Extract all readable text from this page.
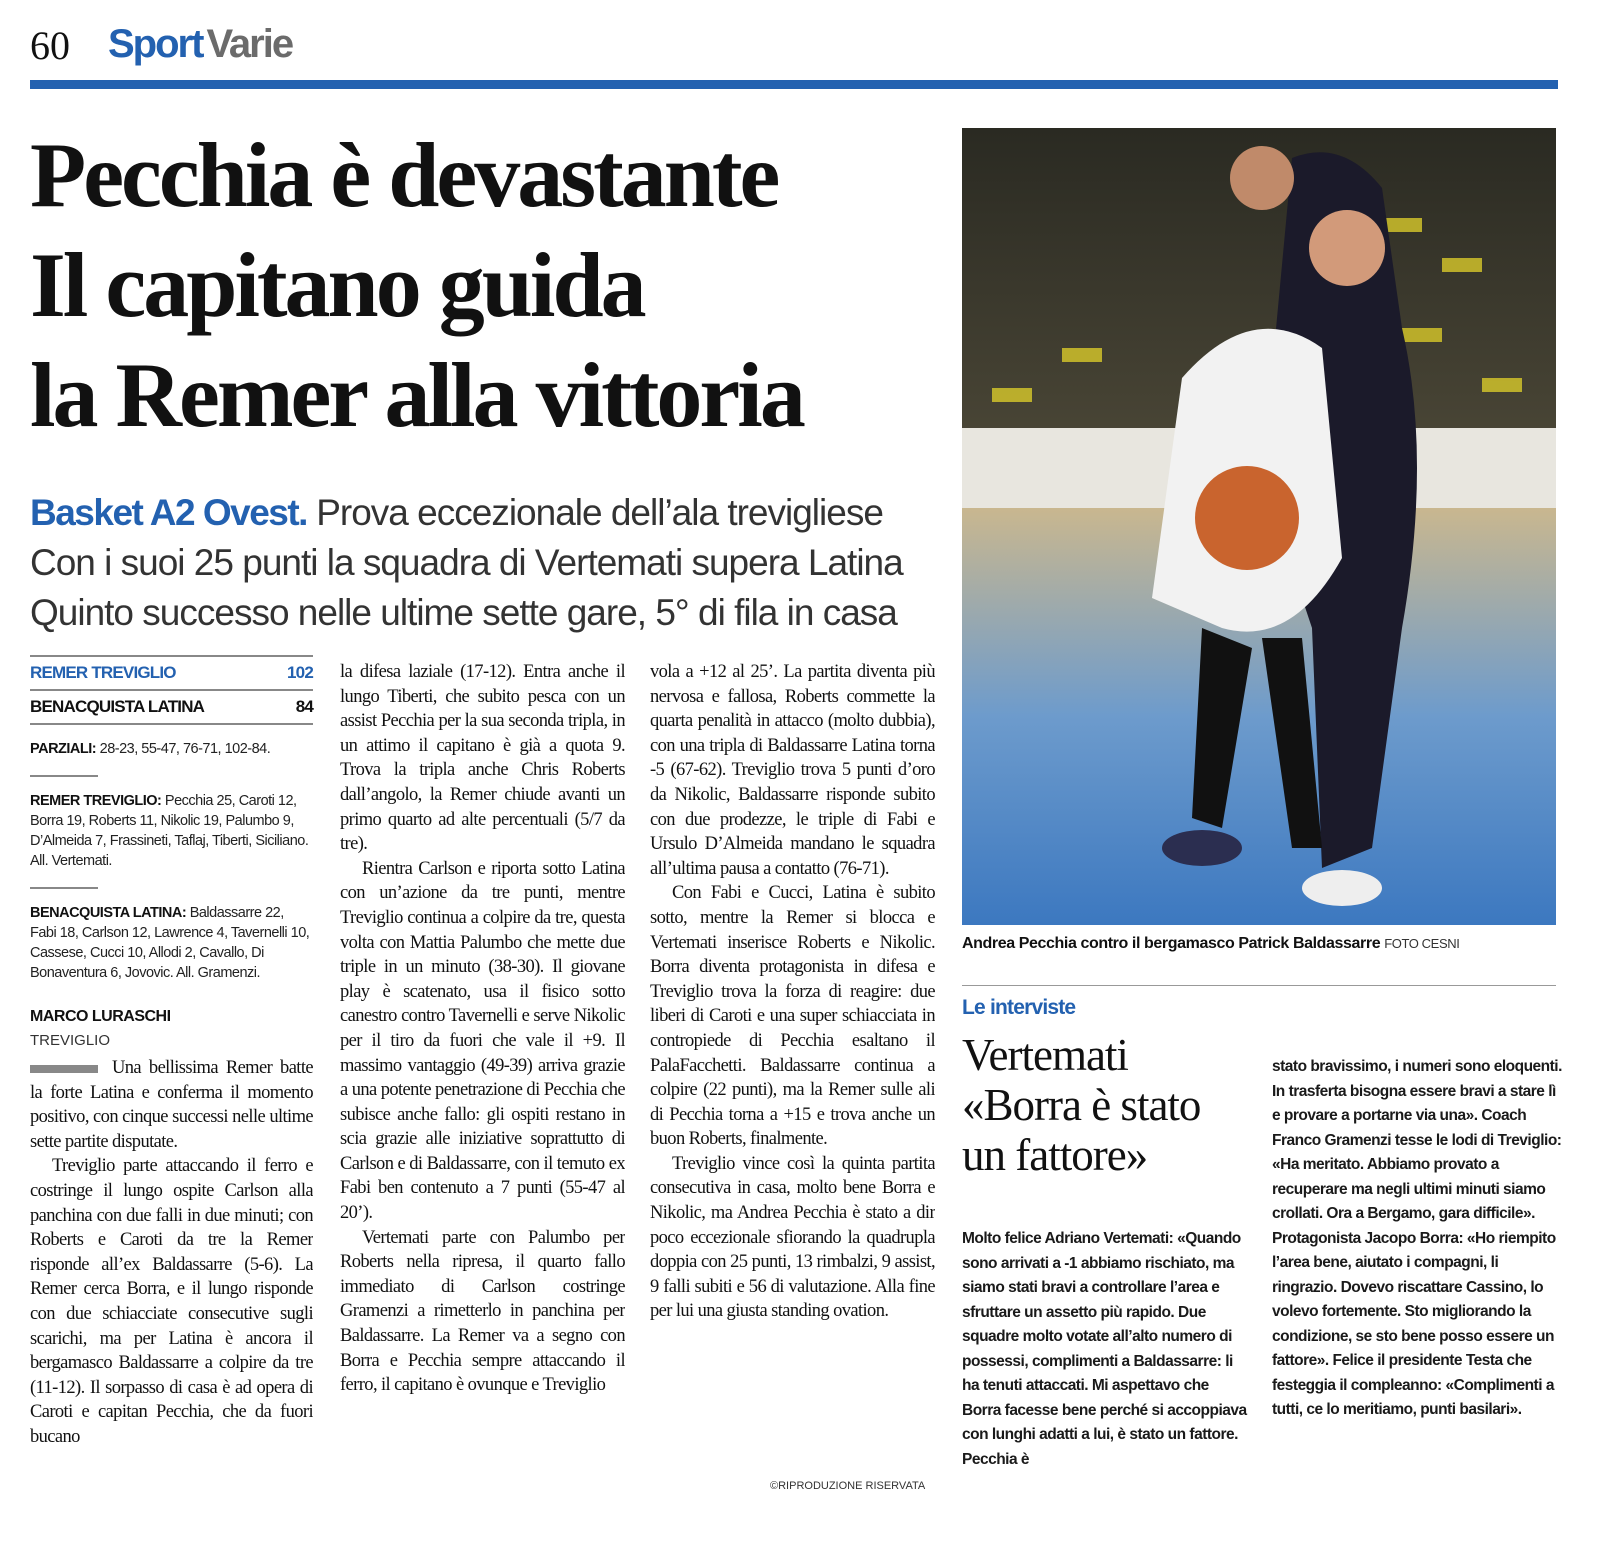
60 Sport Varie
Pecchia è devastante
Il capitano guida
la Remer alla vittoria
Basket A2 Ovest. Prova eccezionale dell’ala trevigliese
Con i suoi 25 punti la squadra di Vertemati supera Latina
Quinto successo nelle ultime sette gare, 5° di fila in casa
REMER TREVIGLIO	102
BENACQUISTA LATINA	84
PARZIALI: 28-23, 55-47, 76-71, 102-84.
REMER TREVIGLIO: Pecchia 25, Caroti 12, Borra 19, Roberts 11, Nikolic 19, Palumbo 9, D’Almeida 7, Frassineti, Taflaj, Tiberti, Siciliano. All. Vertemati.
BENACQUISTA LATINA: Baldassarre 22, Fabi 18, Carlson 12, Lawrence 4, Tavernelli 10, Cassese, Cucci 10, Allodi 2, Cavallo, Di Bonaventura 6, Jovovic. All. Gramenzi.
MARCO LURASCHI
TREVIGLIO

Una bellissima Remer batte la forte Latina e conferma il momento positivo, con cinque successi nelle ultime sette partite disputate.

Treviglio parte attaccando il ferro e costringe il lungo ospite Carlson alla panchina con due falli in due minuti; con Roberts e Caroti da tre la Remer risponde all’ex Baldassarre (5-6). La Remer cerca Borra, e il lungo risponde con due schiacciate consecutive sugli scarichi, ma per Latina è ancora il bergamasco Baldassarre a colpire da tre (11-12). Il sorpasso di casa è ad opera di Caroti e capitan Pecchia, che da fuori bucano

la difesa laziale (17-12). Entra anche il lungo Tiberti, che subito pesca con un assist Pecchia per la sua seconda tripla, in un attimo il capitano è già a quota 9. Trova la tripla anche Chris Roberts dall’angolo, la Remer chiude avanti un primo quarto ad alte percentuali (5/7 da tre).

Rientra Carlson e riporta sotto Latina con un’azione da tre punti, mentre Treviglio continua a colpire da tre, questa volta con Mattia Palumbo che mette due triple in un minuto (38-30). Il giovane play è scatenato, usa il fisico sotto canestro contro Tavernelli e serve Nikolic per il tiro da fuori che vale il +9. Il massimo vantaggio (49-39) arriva grazie a una potente penetrazione di Pecchia che subisce anche fallo: gli ospiti restano in scia grazie alle iniziative soprattutto di Carlson e di Baldassarre, con il temuto ex Fabi ben contenuto a 7 punti (55-47 al 20’).

Vertemati parte con Palumbo per Roberts nella ripresa, il quarto fallo immediato di Carlson costringe Gramenzi a rimetterlo in panchina per Baldassarre. La Remer va a segno con Borra e Pecchia sempre attaccando il ferro, il capitano è ovunque e Treviglio

vola a +12 al 25’. La partita diventa più nervosa e fallosa, Roberts commette la quarta penalità in attacco (molto dubbia), con una tripla di Baldassarre Latina torna -5 (67-62). Treviglio trova 5 punti d’oro da Nikolic, Baldassarre risponde subito con due prodezze, le triple di Fabi e Ursulo D’Almeida mandano le squadra all’ultima pausa a contatto (76-71).

Con Fabi e Cucci, Latina è subito sotto, mentre la Remer si blocca e Vertemati inserisce Roberts e Nikolic. Borra diventa protagonista in difesa e Treviglio trova la forza di reagire: due liberi di Caroti e una super schiacciata in contropiede di Pecchia esaltano il PalaFacchetti. Baldassarre continua a colpire (22 punti), ma la Remer sulle ali di Pecchia torna a +15 e trova anche un buon Roberts, finalmente.

Treviglio vince così la quinta partita consecutiva in casa, molto bene Borra e Nikolic, ma Andrea Pecchia è stato a dir poco eccezionale sfiorando la quadrupla doppia con 25 punti, 13 rimbalzi, 9 assist, 9 falli subiti e 56 di valutazione. Alla fine per lui una giusta standing ovation.

©RIPRODUZIONE RISERVATA
Andrea Pecchia contro il bergamasco Patrick Baldassarre FOTO CESNI
Le interviste
Vertemati
«Borra è stato
un fattore»
Molto felice Adriano Vertemati: «Quando sono arrivati a -1 abbiamo rischiato, ma siamo stati bravi a controllare l’area e sfruttare un assetto più rapido. Due squadre molto votate all’alto numero di possessi, complimenti a Baldassarre: li ha tenuti attaccati. Mi aspettavo che Borra facesse bene perché si accoppiava con lunghi adatti a lui, è stato un fattore. Pecchia è
stato bravissimo, i numeri sono eloquenti. In trasferta bisogna essere bravi a stare lì e provare a portarne via una». Coach Franco Gramenzi tesse le lodi di Treviglio: «Ha meritato. Abbiamo provato a recuperare ma negli ultimi minuti siamo crollati. Ora a Bergamo, gara difficile». Protagonista Jacopo Borra: «Ho riempito l’area bene, aiutato i compagni, li ringrazio. Dovevo riscattare Cassino, lo volevo fortemente. Sto migliorando la condizione, se sto bene posso essere un fattore». Felice il presidente Testa che festeggia il compleanno: «Complimenti a tutti, ce lo meritiamo, punti basilari».
